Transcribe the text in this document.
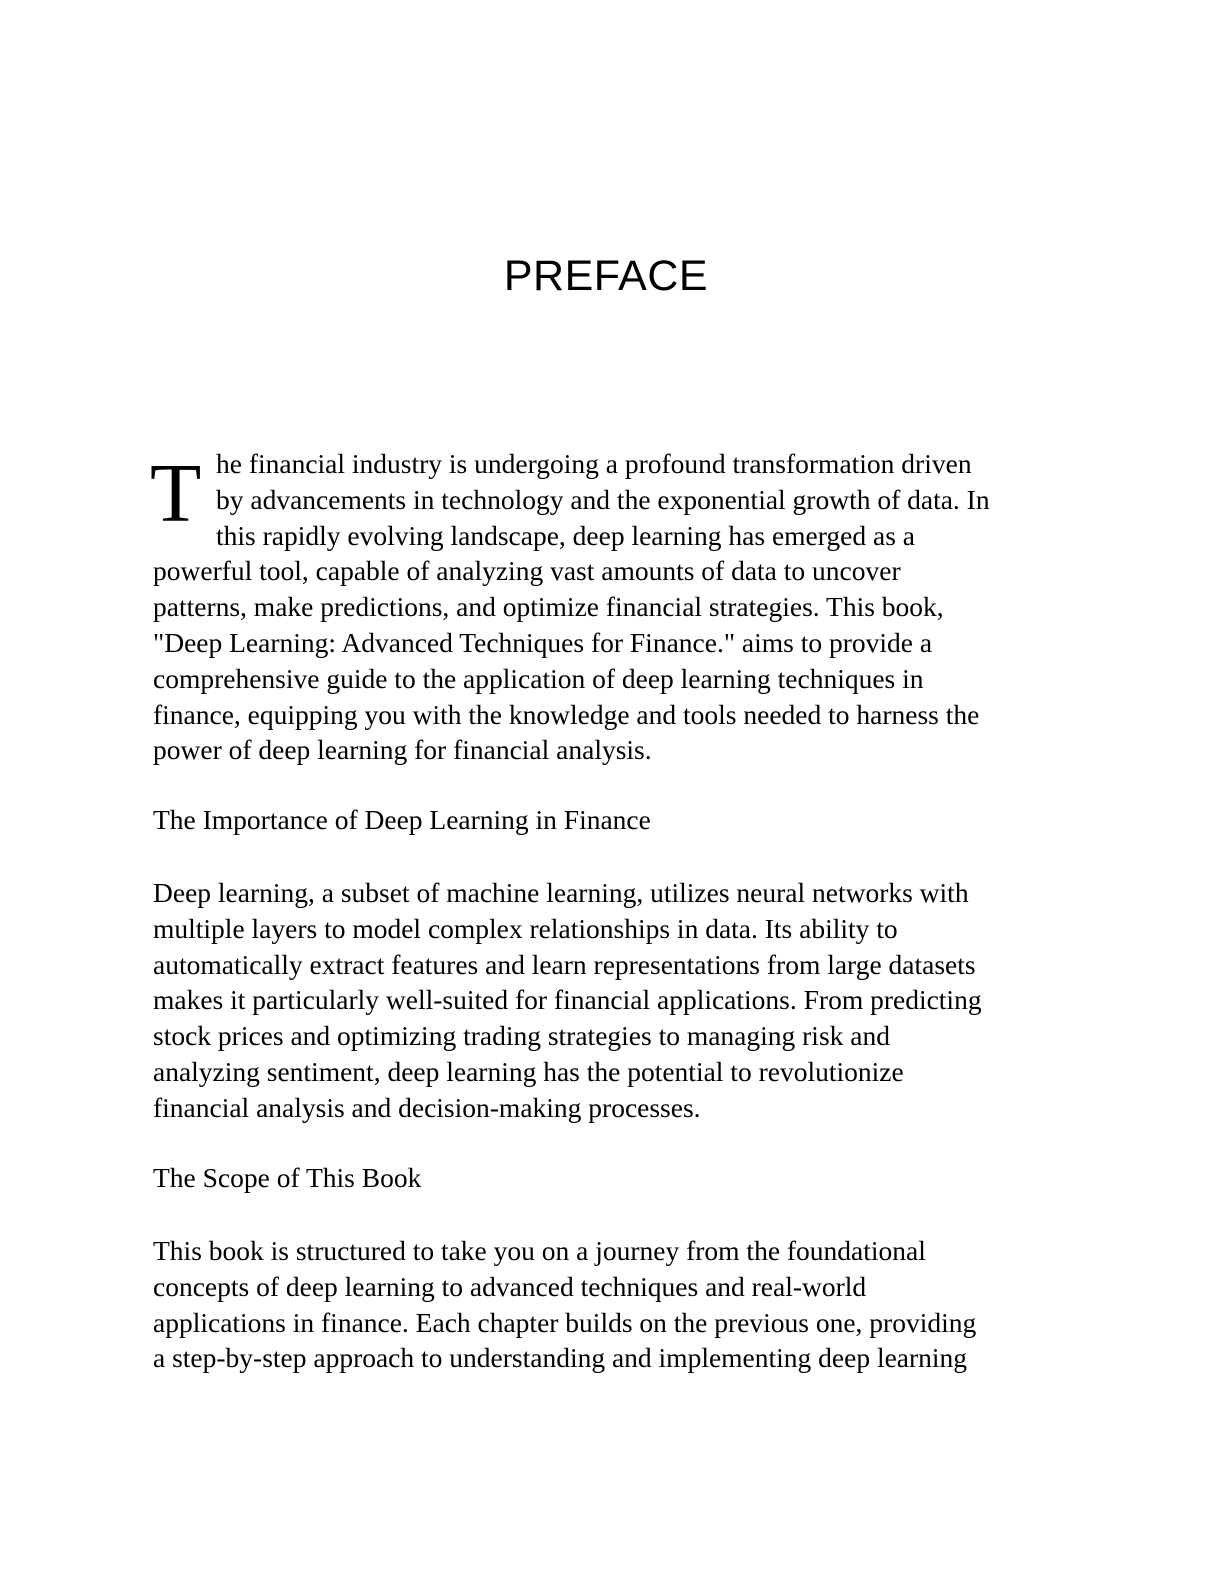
PREFACE
T he financial industry is undergoing a profound transformation driven
by advancements in technology and the exponential growth of data. In
this rapidly evolving landscape, deep learning has emerged as a
powerful tool, capable of analyzing vast amounts of data to uncover
patterns, make predictions, and optimize financial strategies. This book,
"Deep Learning: Advanced Techniques for Finance." aims to provide a
comprehensive guide to the application of deep learning techniques in
finance, equipping you with the knowledge and tools needed to harness the
power of deep learning for financial analysis.
The Importance of Deep Learning in Finance
Deep learning, a subset of machine learning, utilizes neural networks with
multiple layers to model complex relationships in data. Its ability to
automatically extract features and learn representations from large datasets
makes it particularly well-suited for financial applications. From predicting
stock prices and optimizing trading strategies to managing risk and
analyzing sentiment, deep learning has the potential to revolutionize
financial analysis and decision-making processes.
The Scope of This Book
This book is structured to take you on a journey from the foundational
concepts of deep learning to advanced techniques and real-world
applications in finance. Each chapter builds on the previous one, providing
a step-by-step approach to understanding and implementing deep learning
